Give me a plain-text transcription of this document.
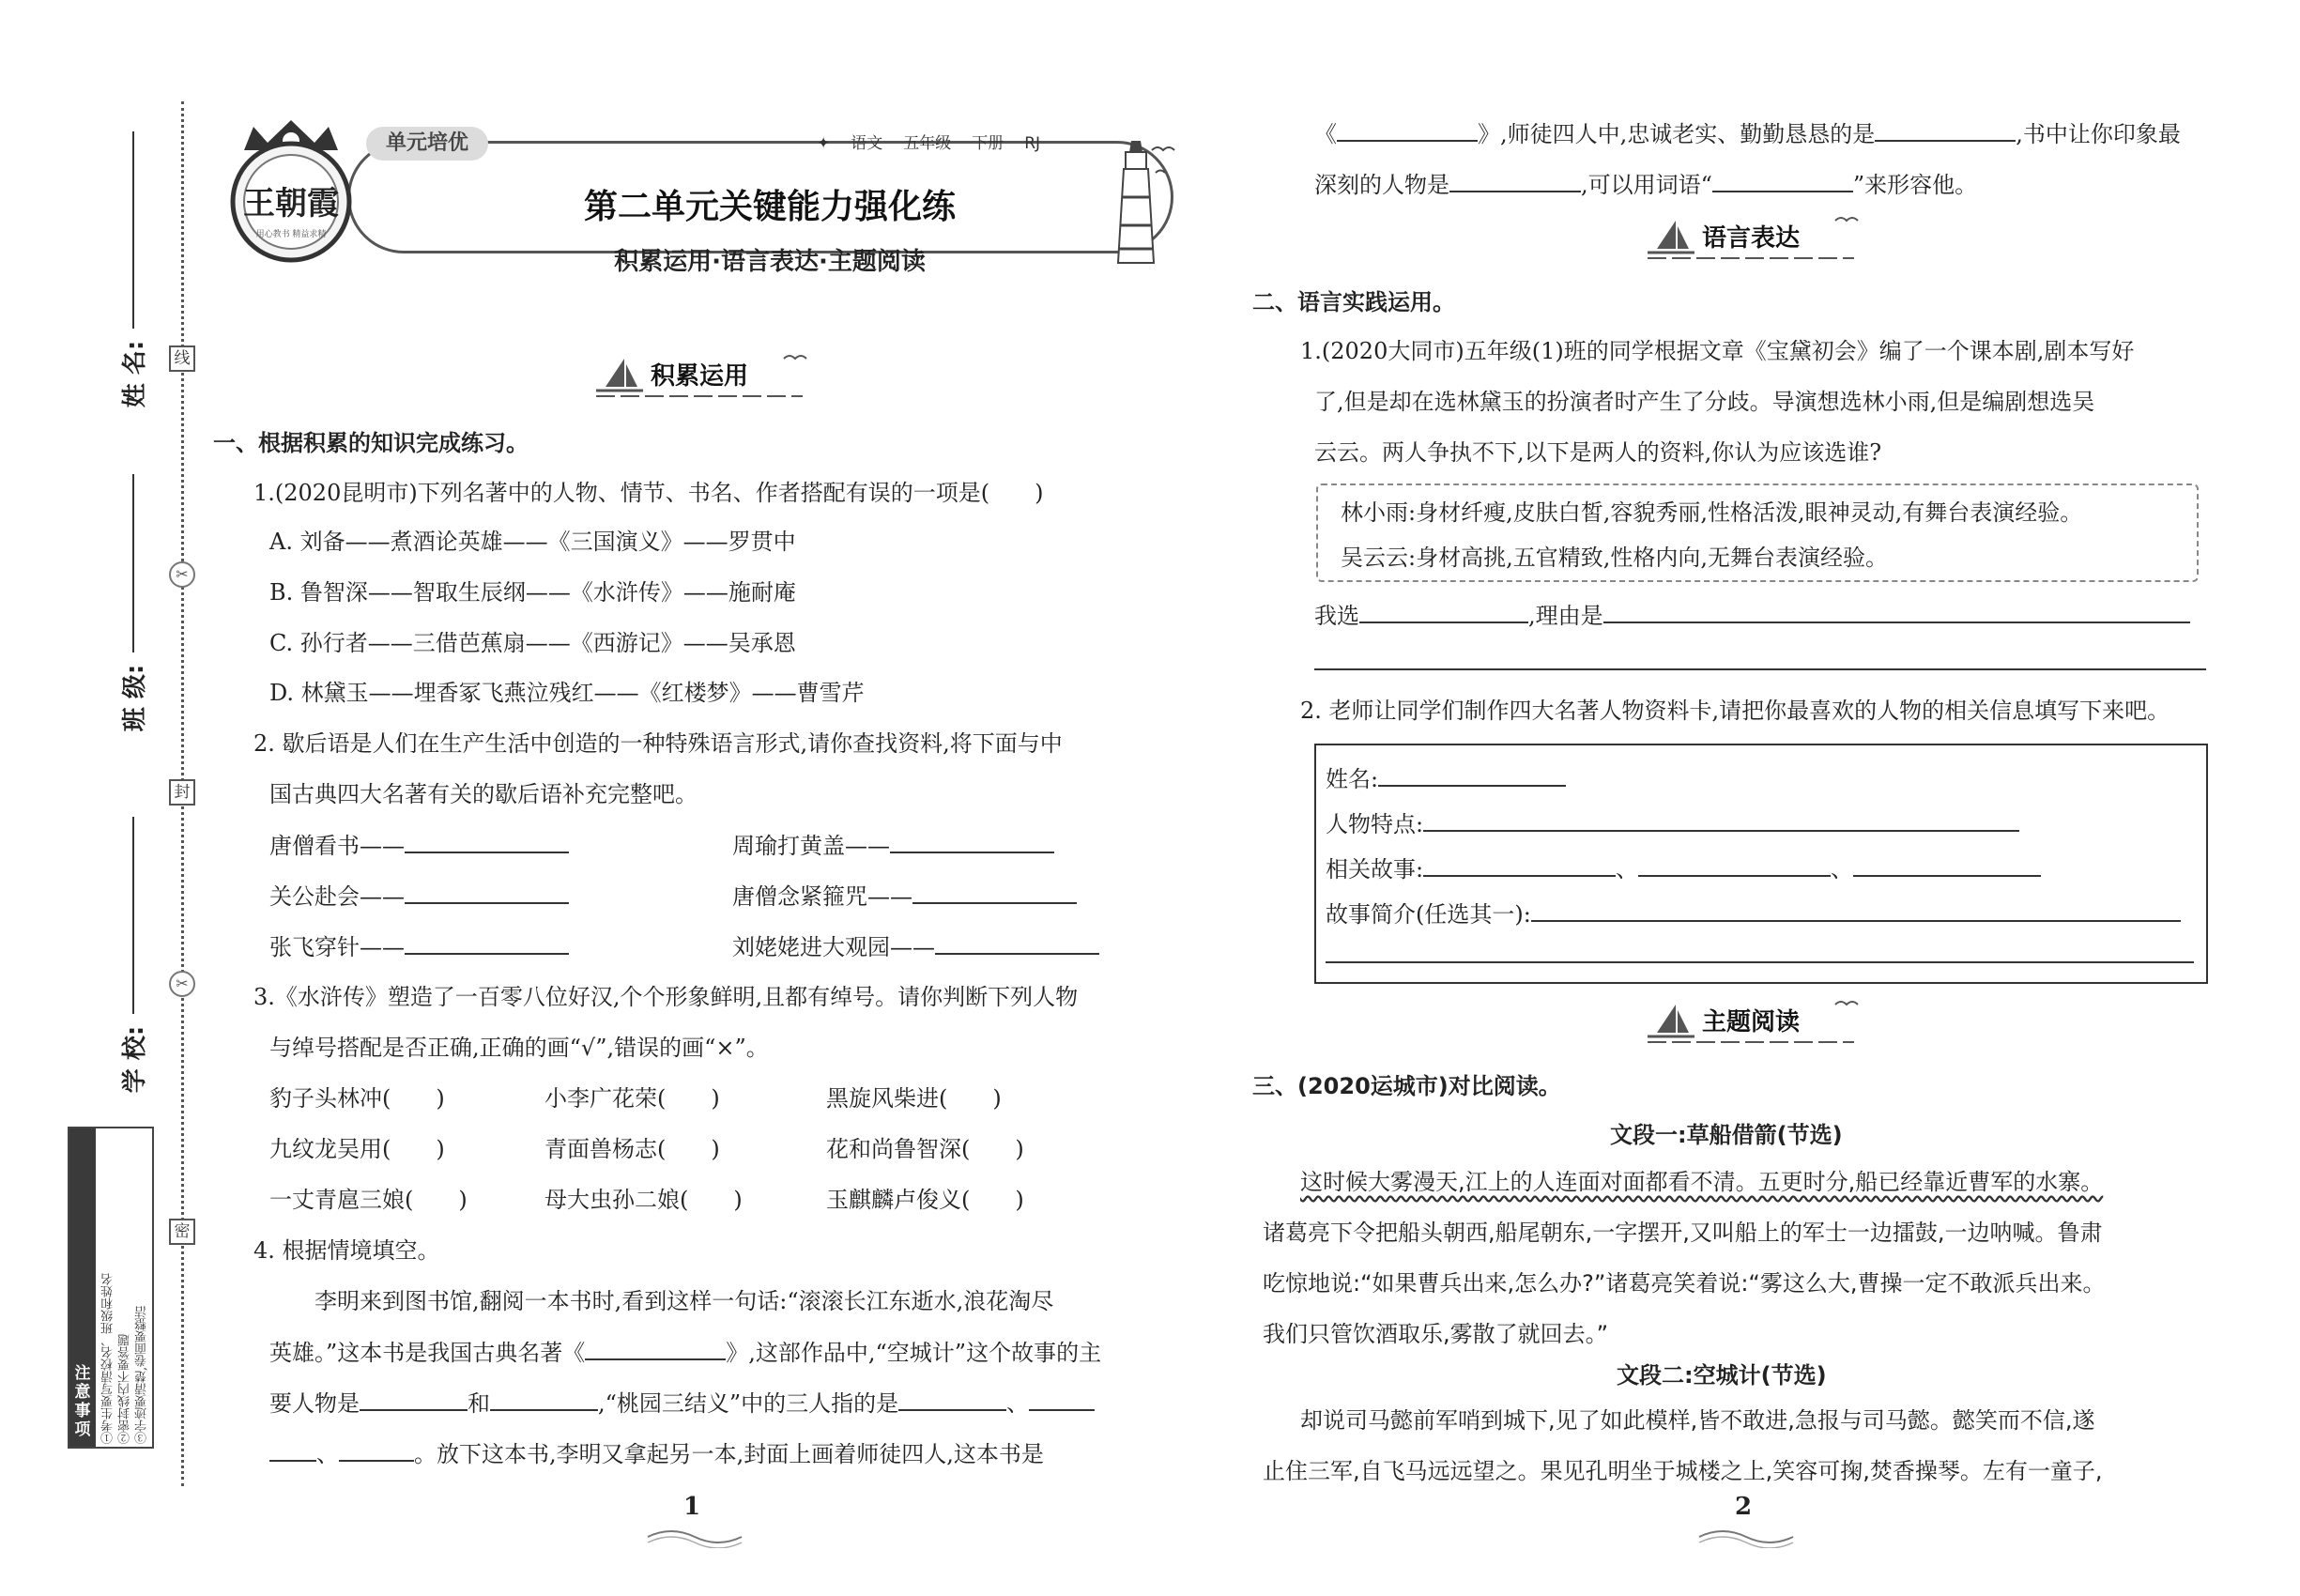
线
✂
封
✂
密
姓 名:
班 级:
学 校:
注
意
事
项 ①考生要写清校名、班级和姓名 ②密封线内不要答题 ③字迹要清楚,卷面要整洁
单元培优	✦ 语文 五年级 下册 RJ
第二单元关键能力强化练
积累运用·语言表达·主题阅读
王朝霞
用心教书 精益求精
积累运用
一、根据积累的知识完成练习。
1.(2020昆明市)下列名著中的人物、情节、书名、作者搭配有误的一项是(　　)
A. 刘备——煮酒论英雄——《三国演义》——罗贯中
B. 鲁智深——智取生辰纲——《水浒传》——施耐庵
C. 孙行者——三借芭蕉扇——《西游记》——吴承恩
D. 林黛玉——埋香冢飞燕泣残红——《红楼梦》——曹雪芹
2. 歇后语是人们在生产生活中创造的一种特殊语言形式,请你查找资料,将下面与中
国古典四大名著有关的歇后语补充完整吧。
唐僧看书——	周瑜打黄盖——
关公赴会——	唐僧念紧箍咒——
张飞穿针——	刘姥姥进大观园——
3.《水浒传》塑造了一百零八位好汉,个个形象鲜明,且都有绰号。请你判断下列人物
与绰号搭配是否正确,正确的画“√”,错误的画“×”。
豹子头林冲(　　)	小李广花荣(　　)	黑旋风柴进(　　)
九纹龙吴用(　　)	青面兽杨志(　　)	花和尚鲁智深(　　)
一丈青扈三娘(　　)	母大虫孙二娘(　　)	玉麒麟卢俊义(　　)
4. 根据情境填空。
李明来到图书馆,翻阅一本书时,看到这样一句话:“滚滚长江东逝水,浪花淘尽
英雄。”这本书是我国古典名著《	》,这部作品中,“空城计”这个故事的主
要人物是	和	,“桃园三结义”中的三人指的是	、
、	。放下这本书,李明又拿起另一本,封面上画着师徒四人,这本书是
1
《	》,师徒四人中,忠诚老实、勤勤恳恳的是	,书中让你印象最
深刻的人物是	,可以用词语“	”来形容他。
语言表达
二、语言实践运用。
1.(2020大同市)五年级(1)班的同学根据文章《宝黛初会》编了一个课本剧,剧本写好
了,但是却在选林黛玉的扮演者时产生了分歧。导演想选林小雨,但是编剧想选吴
云云。两人争执不下,以下是两人的资料,你认为应该选谁?
林小雨:身材纤瘦,皮肤白皙,容貌秀丽,性格活泼,眼神灵动,有舞台表演经验。
吴云云:身材高挑,五官精致,性格内向,无舞台表演经验。
我选	,理由是
2. 老师让同学们制作四大名著人物资料卡,请把你最喜欢的人物的相关信息填写下来吧。
姓名:
人物特点:
相关故事:	、	、
故事简介(任选其一):
主题阅读
三、(2020运城市)对比阅读。
文段一:草船借箭(节选)
这时候大雾漫天,江上的人连面对面都看不清。五更时分,船已经靠近曹军的水寨。
诸葛亮下令把船头朝西,船尾朝东,一字摆开,又叫船上的军士一边擂鼓,一边呐喊。鲁肃
吃惊地说:“如果曹兵出来,怎么办?”诸葛亮笑着说:“雾这么大,曹操一定不敢派兵出来。
我们只管饮酒取乐,雾散了就回去。”
文段二:空城计(节选)
却说司马懿前军哨到城下,见了如此模样,皆不敢进,急报与司马懿。懿笑而不信,遂
止住三军,自飞马远远望之。果见孔明坐于城楼之上,笑容可掬,焚香操琴。左有一童子,
2
